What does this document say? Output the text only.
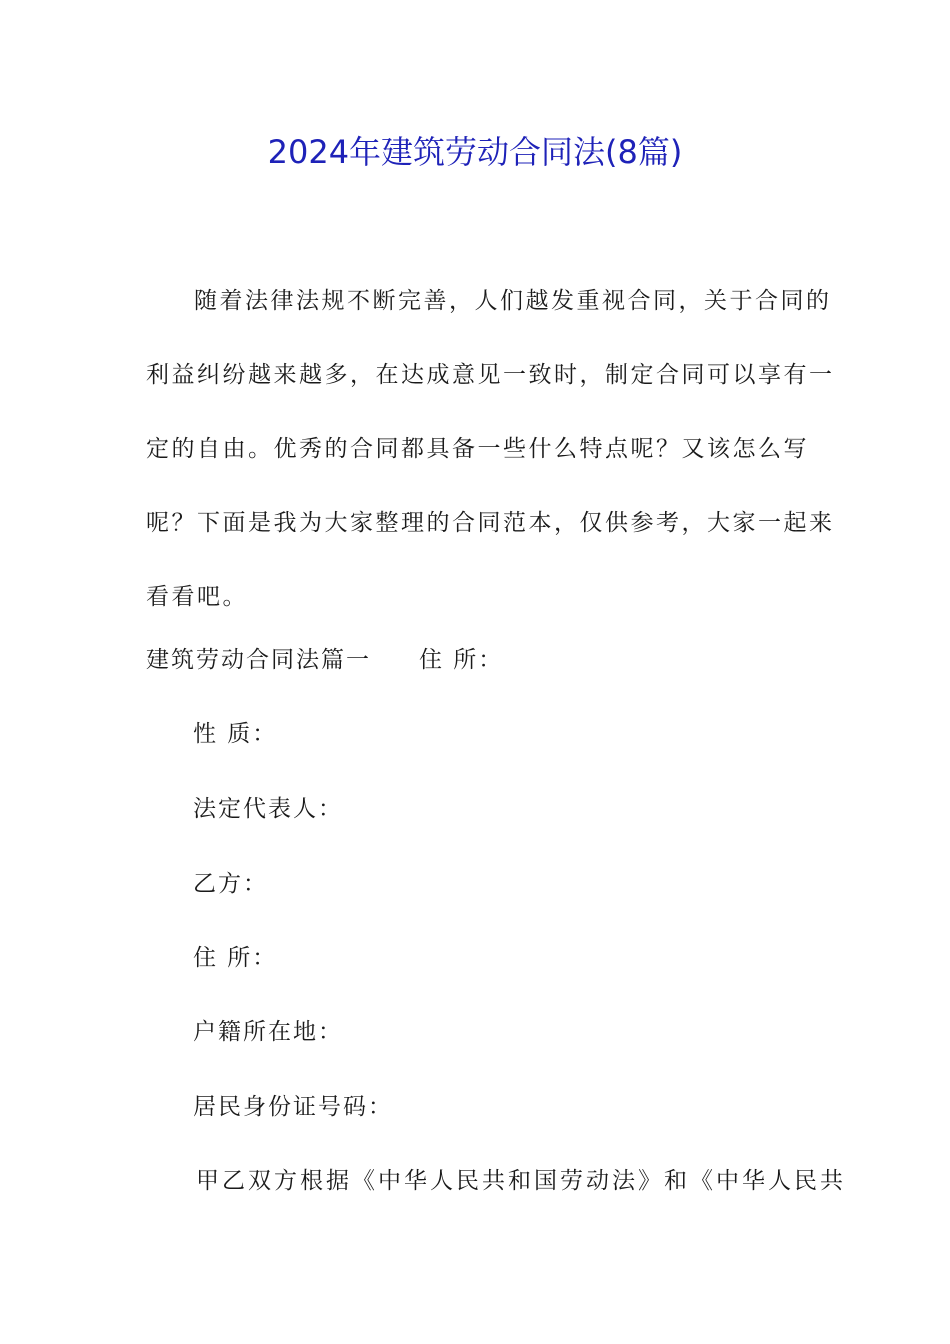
2024年建筑劳动合同法(8篇)

随着法律法规不断完善，人们越发重视合同，关于合同的利益纠纷越来越多，在达成意见一致时，制定合同可以享有一定的自由。优秀的合同都具备一些什么特点呢？又该怎么写呢？下面是我为大家整理的合同范本，仅供参考，大家一起来看看吧。

建筑劳动合同法篇一 住 所：
性 质：
法定代表人：
乙方：
住 所：
户籍所在地：
居民身份证号码：
甲乙双方根据《中华人民共和国劳动法》和《中华人民共
